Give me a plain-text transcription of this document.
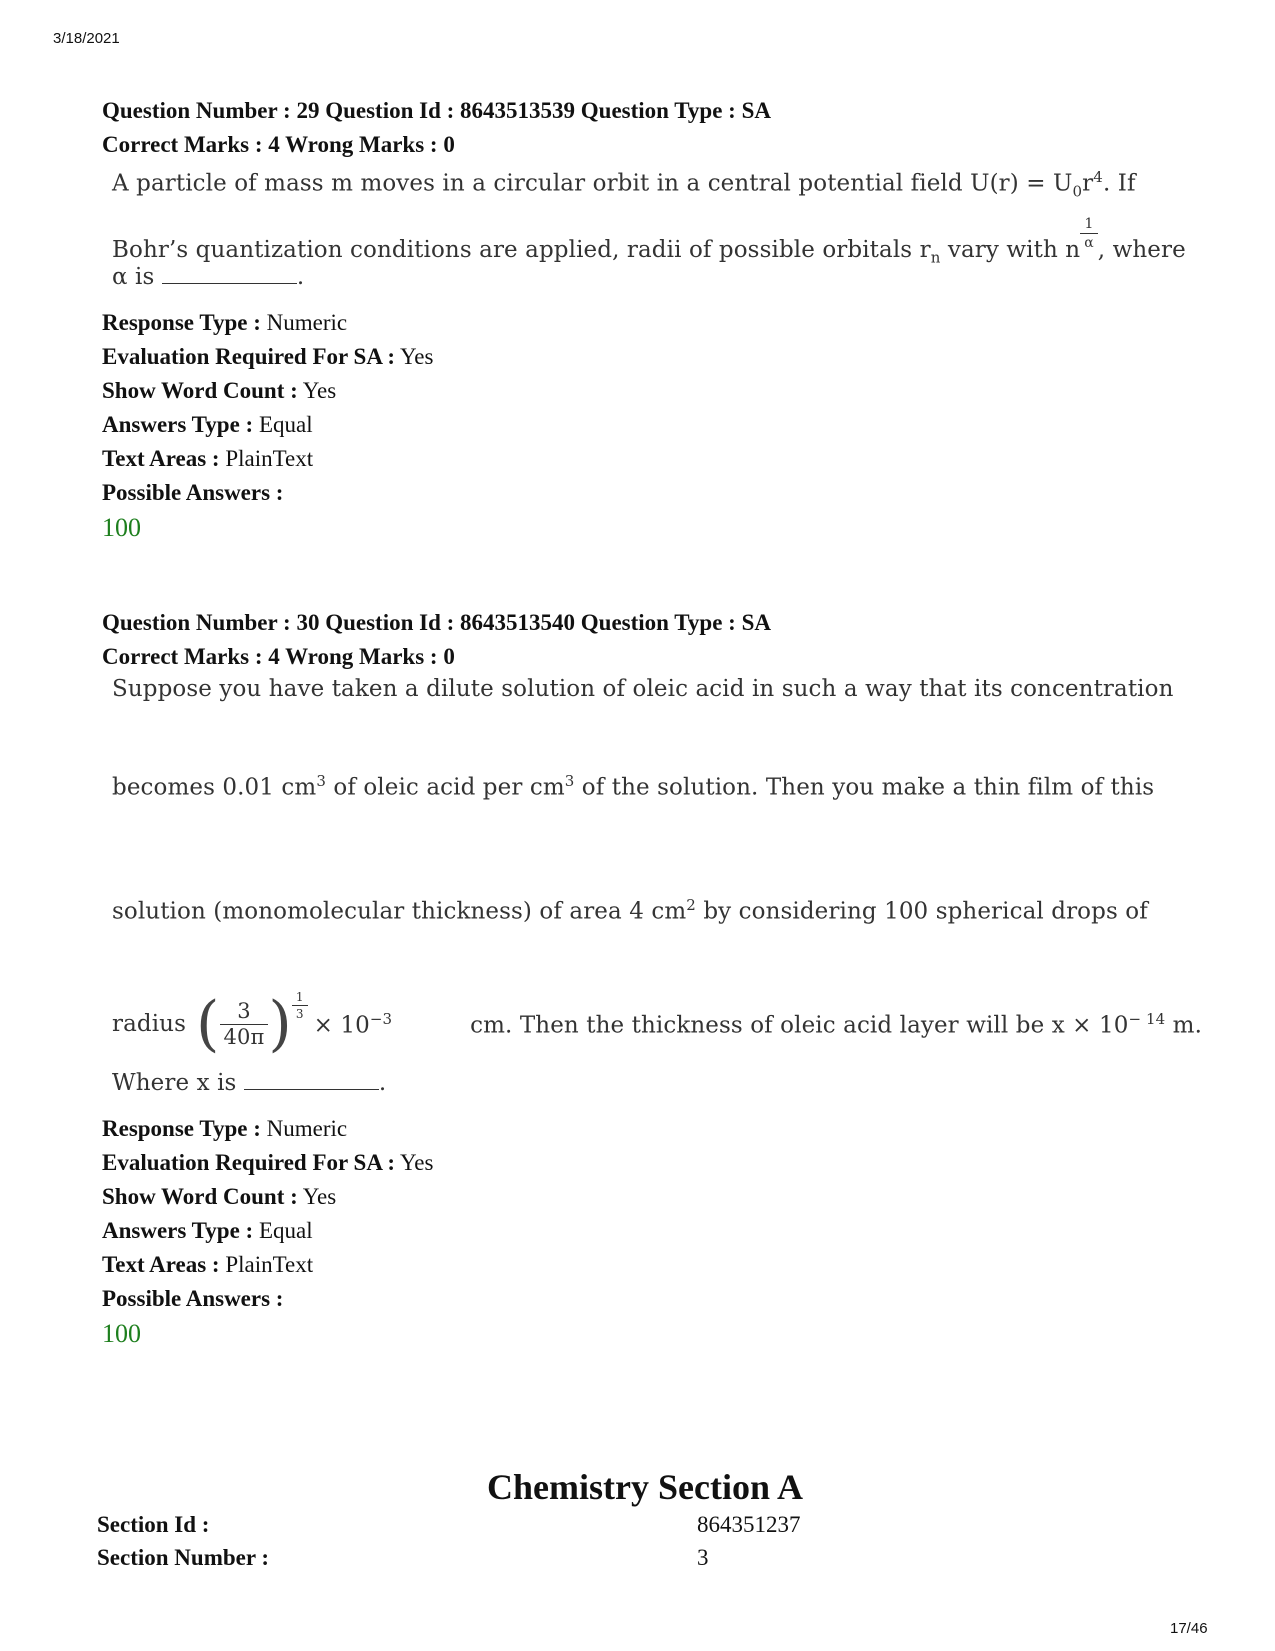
3/18/2021
Question Number : 29 Question Id : 8643513539 Question Type : SA
Correct Marks : 4 Wrong Marks : 0
A particle of mass m moves in a circular orbit in a central potential field $U(r) = U_0r^4$. If
Bohr’s quantization conditions are applied, radii of possible orbitals $r_n$ vary with n $^{\frac{1}{\alpha}}$ , where
α is	.
Response Type : Numeric
Evaluation Required For SA : Yes
Show Word Count : Yes
Answers Type : Equal
Text Areas : PlainText
Possible Answers :
100
Question Number : 30 Question Id : 8643513540 Question Type : SA
Correct Marks : 4 Wrong Marks : 0
Suppose you have taken a dilute solution of oleic acid in such a way that its concentration
becomes 0.01 $cm^3$ of oleic acid per $cm^3$ of the solution. Then you make a thin film of this
solution (monomolecular thickness) of area 4 $cm^2$ by considering 100 spherical drops of
radius ( $\frac{3}{40\pi}$ ) $\frac{1}{3}$
× $10^{-3}$	cm. Then the thickness of oleic acid layer will be $x \times 10^{- 14}$ m.
Where x is	.
Response Type : Numeric
Evaluation Required For SA : Yes
Show Word Count : Yes
Answers Type : Equal
Text Areas : PlainText
Possible Answers :
100
Chemistry Section A
Section Id :	864351237
Section Number :	3
17/46
